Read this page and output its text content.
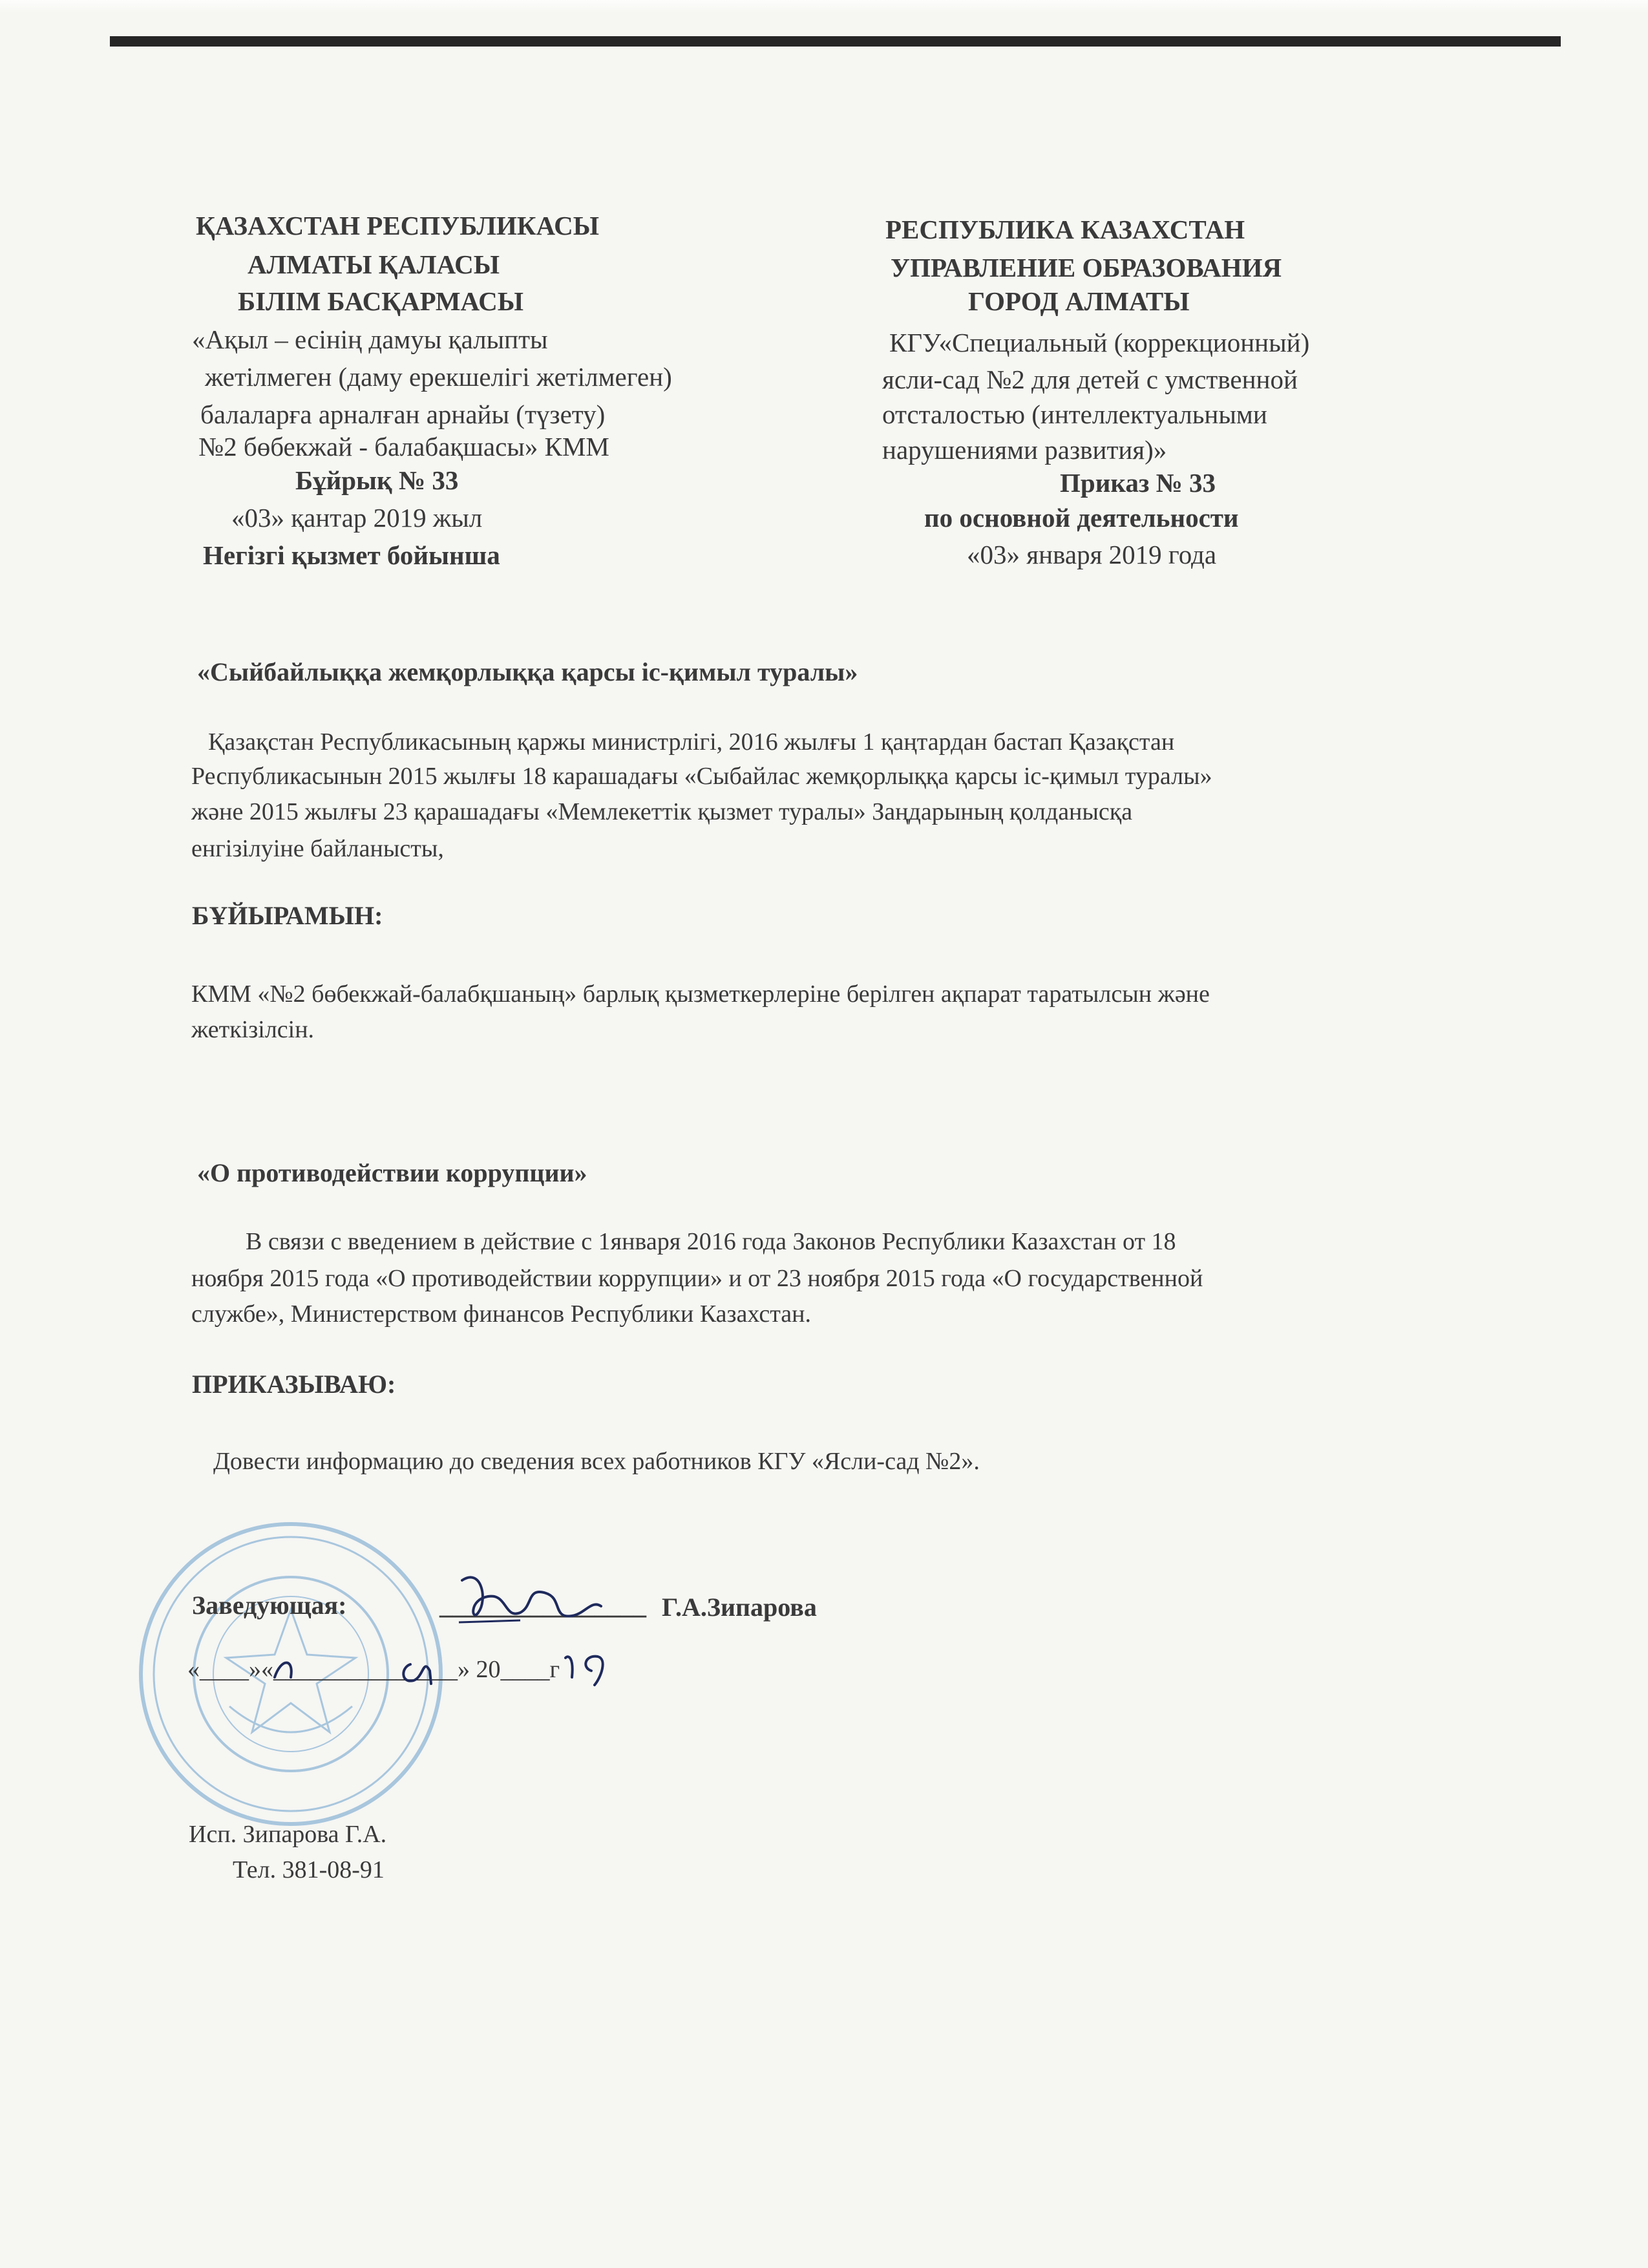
ҚАЗАХСТАН РЕСПУБЛИКАСЫ
АЛМАТЫ ҚАЛАСЫ
БІЛІМ БАСҚАРМАСЫ
«Ақыл – есінің дамуы қалыпты
жетілмеген (даму ерекшелігі жетілмеген)
балаларға арналған арнайы (түзету)
№2 бөбекжай - балабақшасы» КММ
Бұйрық № 33
«03» қантар 2019 жыл
Негізгі қызмет бойынша
РЕСПУБЛИКА КАЗАХСТАН
УПРАВЛЕНИЕ ОБРАЗОВАНИЯ
ГОРОД АЛМАТЫ
КГУ«Специальный (коррекционный)
ясли-сад №2 для детей с умственной
отсталостью (интеллектуальными
нарушениями развития)»
Приказ № 33
по основной деятельности
«03» января 2019 года
«Сыйбайлыққа жемқорлыққа қарсы іс-қимыл туралы»
Қазақстан Республикасының қаржы министрлігі, 2016 жылғы 1 қаңтардан бастап Қазақстан
Республикасынын 2015 жылғы 18 карашадағы «Сыбайлас жемқорлыққа қарсы іс-қимыл туралы»
және 2015 жылғы 23 қарашадағы «Мемлекеттік қызмет туралы» Заңдарының қолданысқа
енгізілуіне байланысты,
БҰЙЫРАМЫН:
КММ «№2 бөбекжай-балабқшаның» барлық қызметкерлеріне берілген ақпарат таратылсын және
жеткізілсін.
«О противодействии коррупции»
В связи с введением в действие с 1января 2016 года Законов Республики Казахстан от 18
ноября 2015 года «О противодействии коррупции» и от 23 ноября 2015 года «О государственной
службе», Министерством финансов Республики Казахстан.
ПРИКАЗЫВАЮ:
Довести информацию до сведения всех работников КГУ «Ясли-сад №2».
Заведующая:	________________ Г.А.Зипарова
«____»«_______________» 20____г
Исп. Зипарова Г.А.
Тел. 381-08-91
